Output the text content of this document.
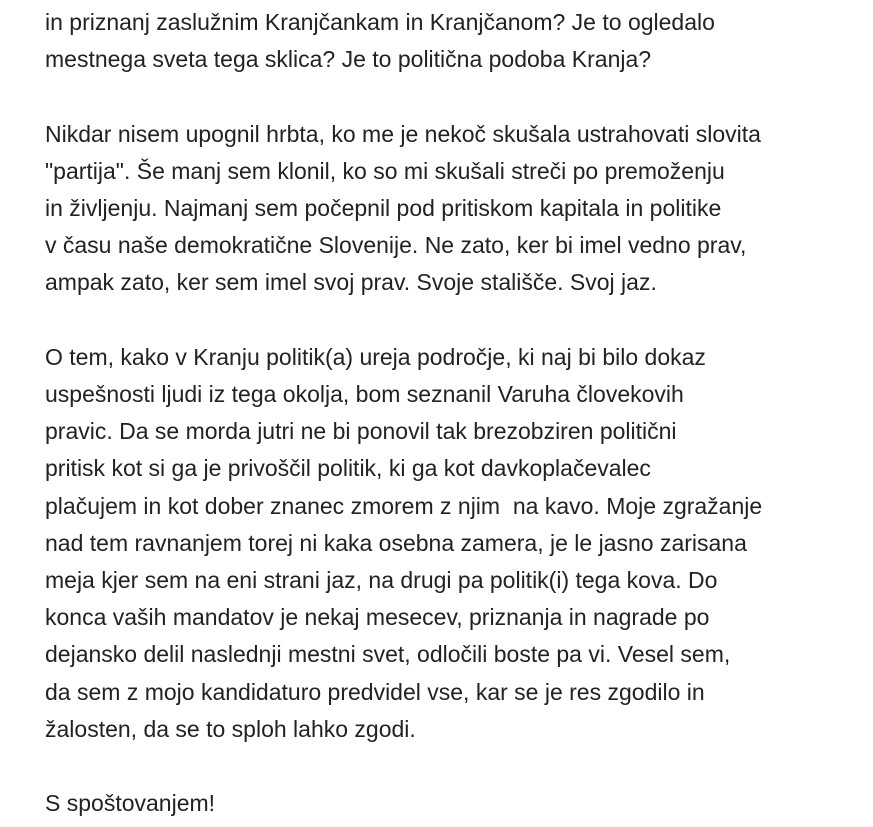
in priznanj zaslužnim Kranjčankam in Kranjčanom? Je to ogledalo
mestnega sveta tega sklica? Je to politična podoba Kranja?

Nikdar nisem upognil hrbta, ko me je nekoč skušala ustrahovati slovita
"partija". Še manj sem klonil, ko so mi skušali streči po premoženju
in življenju. Najmanj sem počepnil pod pritiskom kapitala in politike
v času naše demokratične Slovenije. Ne zato, ker bi imel vedno prav,
ampak zato, ker sem imel svoj prav. Svoje stališče. Svoj jaz.

O tem, kako v Kranju politik(a) ureja področje, ki naj bi bilo dokaz
uspešnosti ljudi iz tega okolja, bom seznanil Varuha človekovih
pravic. Da se morda jutri ne bi ponovil tak brezobziren politični
pritisk kot si ga je privoščil politik, ki ga kot davkoplačevalec
plačujem in kot dober znanec zmorem z njim  na kavo. Moje zgražanje
nad tem ravnanjem torej ni kaka osebna zamera, je le jasno zarisana
meja kjer sem na eni strani jaz, na drugi pa politik(i) tega kova. Do
konca vaših mandatov je nekaj mesecev, priznanja in nagrade po
dejansko delil naslednji mestni svet, odločili boste pa vi. Vesel sem,
da sem z mojo kandidaturo predvidel vse, kar se je res zgodilo in
žalosten, da se to sploh lahko zgodi.

S spoštovanjem!
